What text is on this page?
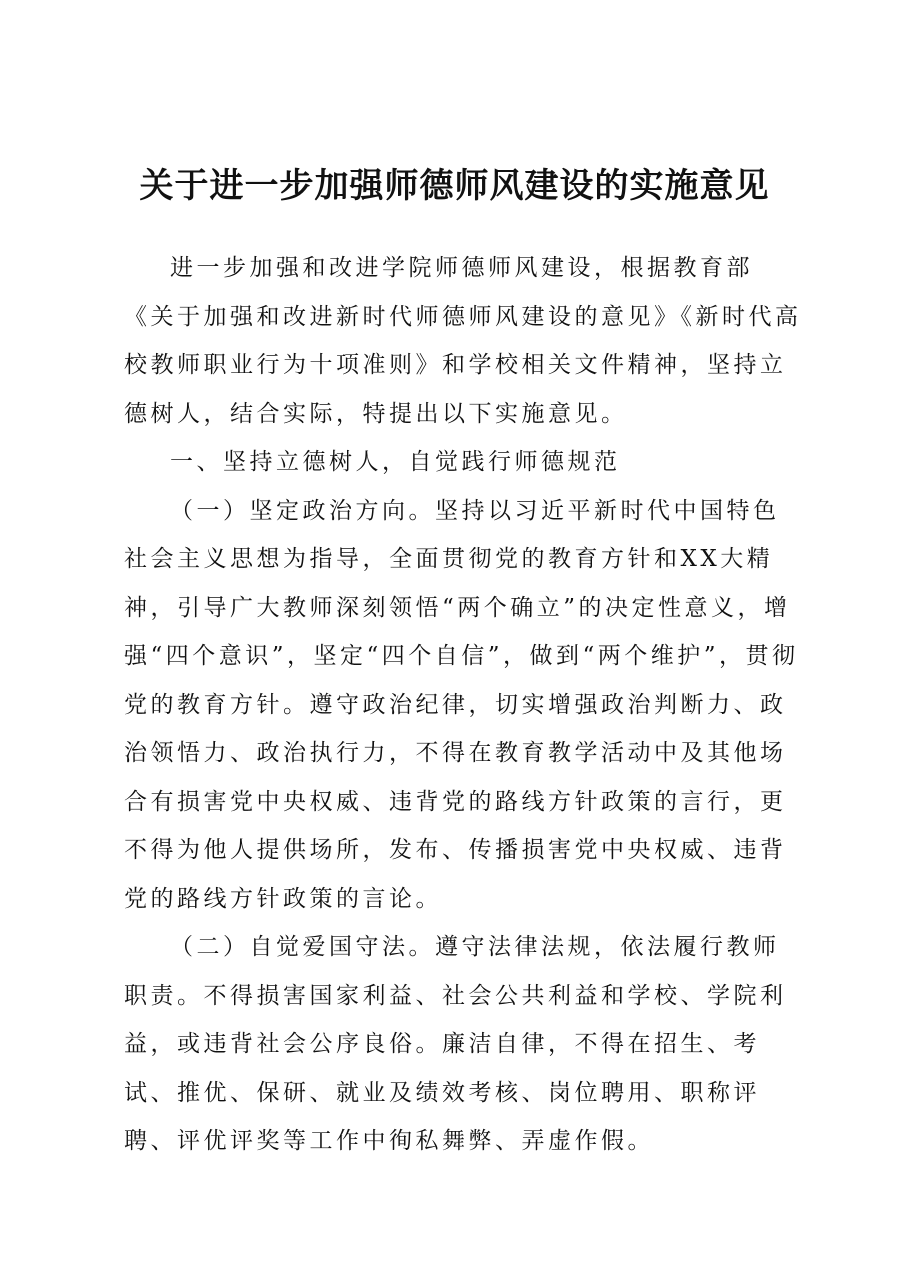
关于进一步加强师德师风建设的实施意见

进一步加强和改进学院师德师风建设，根据教育部《关于加强和改进新时代师德师风建设的意见》《新时代高校教师职业行为十项准则》和学校相关文件精神，坚持立德树人，结合实际，特提出以下实施意见。

一、坚持立德树人，自觉践行师德规范

（一）坚定政治方向。坚持以习近平新时代中国特色社会主义思想为指导，全面贯彻党的教育方针和XX大精神，引导广大教师深刻领悟“两个确立”的决定性意义，增强“四个意识”，坚定“四个自信”，做到“两个维护”，贯彻党的教育方针。遵守政治纪律，切实增强政治判断力、政治领悟力、政治执行力，不得在教育教学活动中及其他场合有损害党中央权威、违背党的路线方针政策的言行，更不得为他人提供场所，发布、传播损害党中央权威、违背党的路线方针政策的言论。

（二）自觉爱国守法。遵守法律法规，依法履行教师职责。不得损害国家利益、社会公共利益和学校、学院利益，或违背社会公序良俗。廉洁自律，不得在招生、考试、推优、保研、就业及绩效考核、岗位聘用、职称评聘、评优评奖等工作中徇私舞弊、弄虚作假。
